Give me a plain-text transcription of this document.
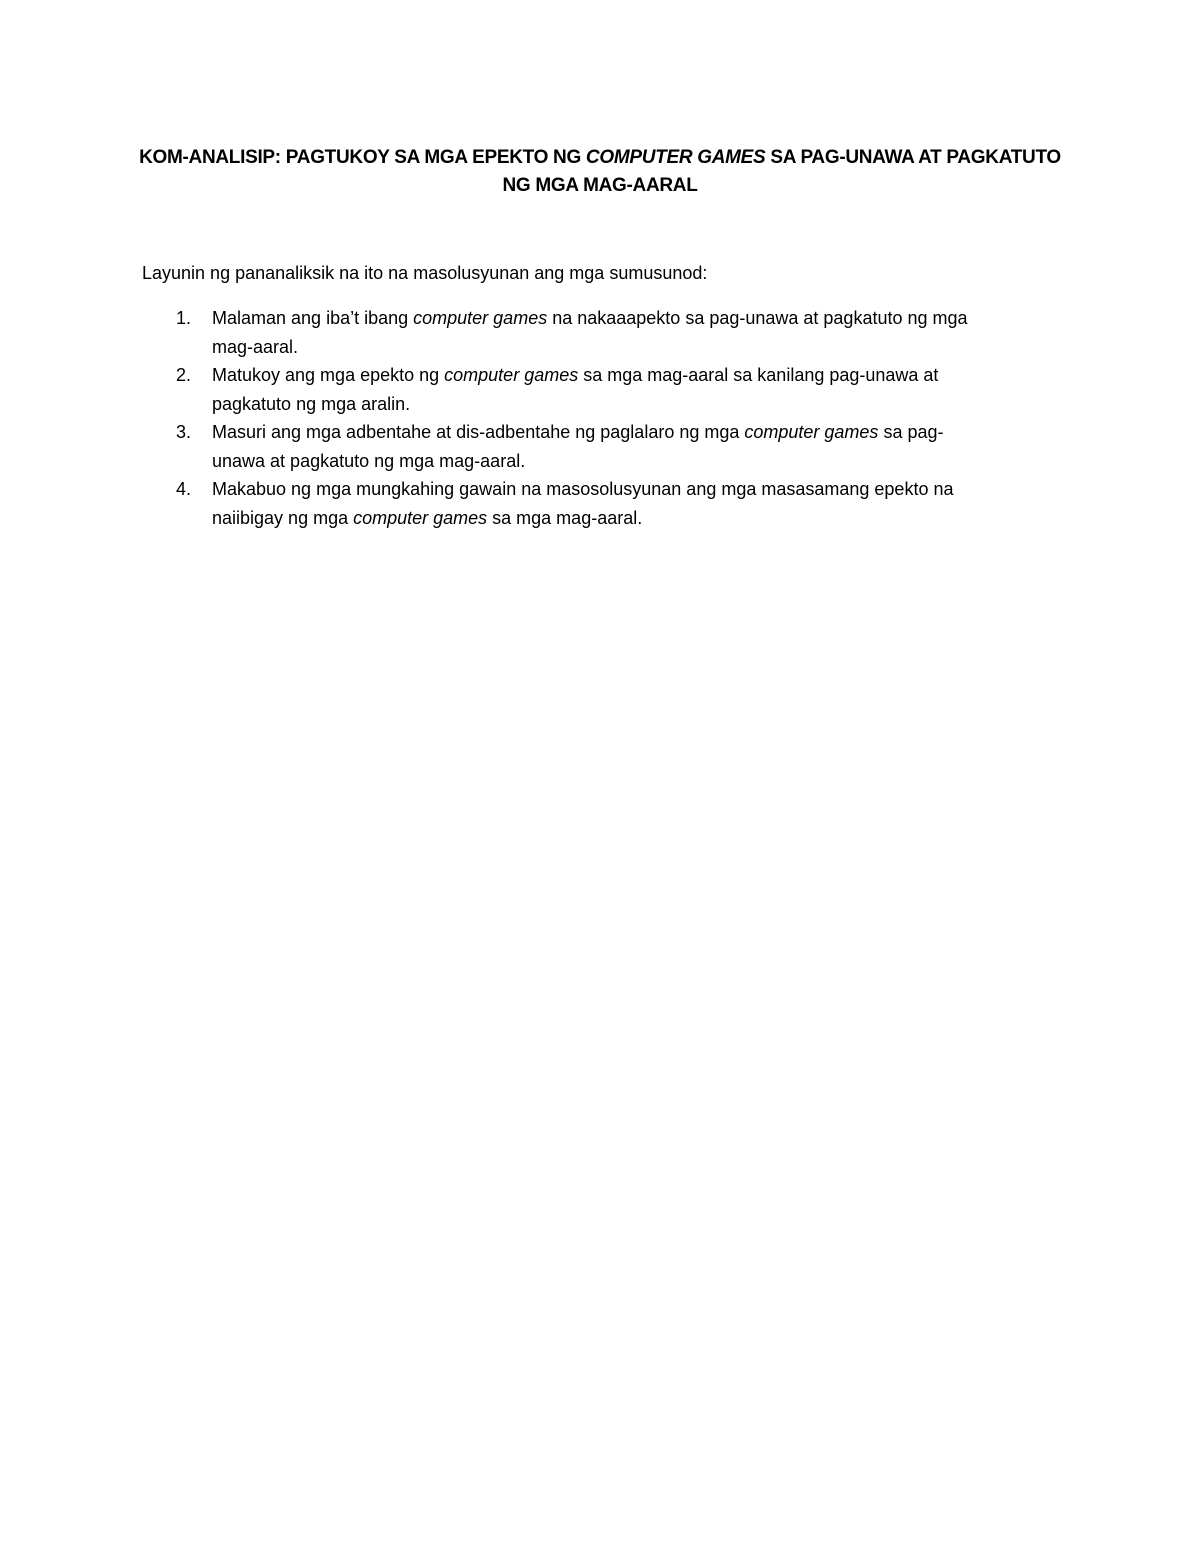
KOM-ANALISIP: PAGTUKOY SA MGA EPEKTO NG COMPUTER GAMES SA PAG-UNAWA AT PAGKATUTO
NG MGA MAG-AARAL
Layunin ng pananaliksik na ito na masolusyunan ang mga sumusunod:
1. Malaman ang iba’t ibang computer games na nakaaapekto sa pag-unawa at pagkatuto ng mga
mag-aaral.
2. Matukoy ang mga epekto ng computer games sa mga mag-aaral sa kanilang pag-unawa at
pagkatuto ng mga aralin.
3. Masuri ang mga adbentahe at dis-adbentahe ng paglalaro ng mga computer games sa pag-
unawa at pagkatuto ng mga mag-aaral.
4. Makabuo ng mga mungkahing gawain na masosolusyunan ang mga masasamang epekto na
naiibigay ng mga computer games sa mga mag-aaral.
